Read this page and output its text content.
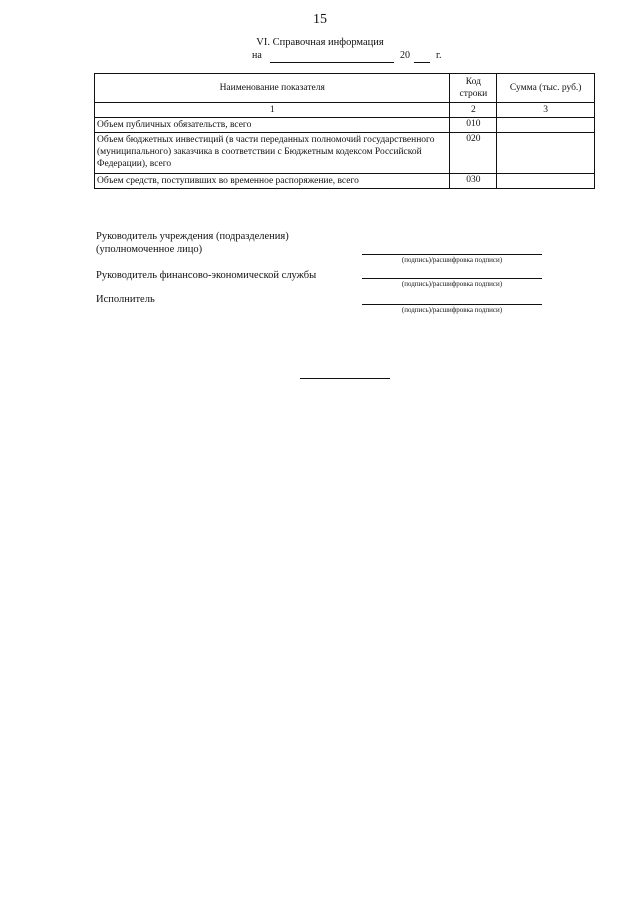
15
VI. Справочная информация
на	20	г.
Наименование показателя	Код строки	Сумма (тыс. руб.)
1	2	3
Объем публичных обязательств, всего	010	
Объем бюджетных инвестиций (в части переданных полномочий государственного (муниципального) заказчика в соответствии с Бюджетным кодексом Российской Федерации), всего	020	
Объем средств, поступивших во временное распоряжение, всего	030	
Руководитель учреждения (подразделения)
(уполномоченное лицо)
(подпись)/расшифровка подписи)
Руководитель финансово-экономической службы
(подпись)/расшифровка подписи)
Исполнитель
(подпись)/расшифровка подписи)
